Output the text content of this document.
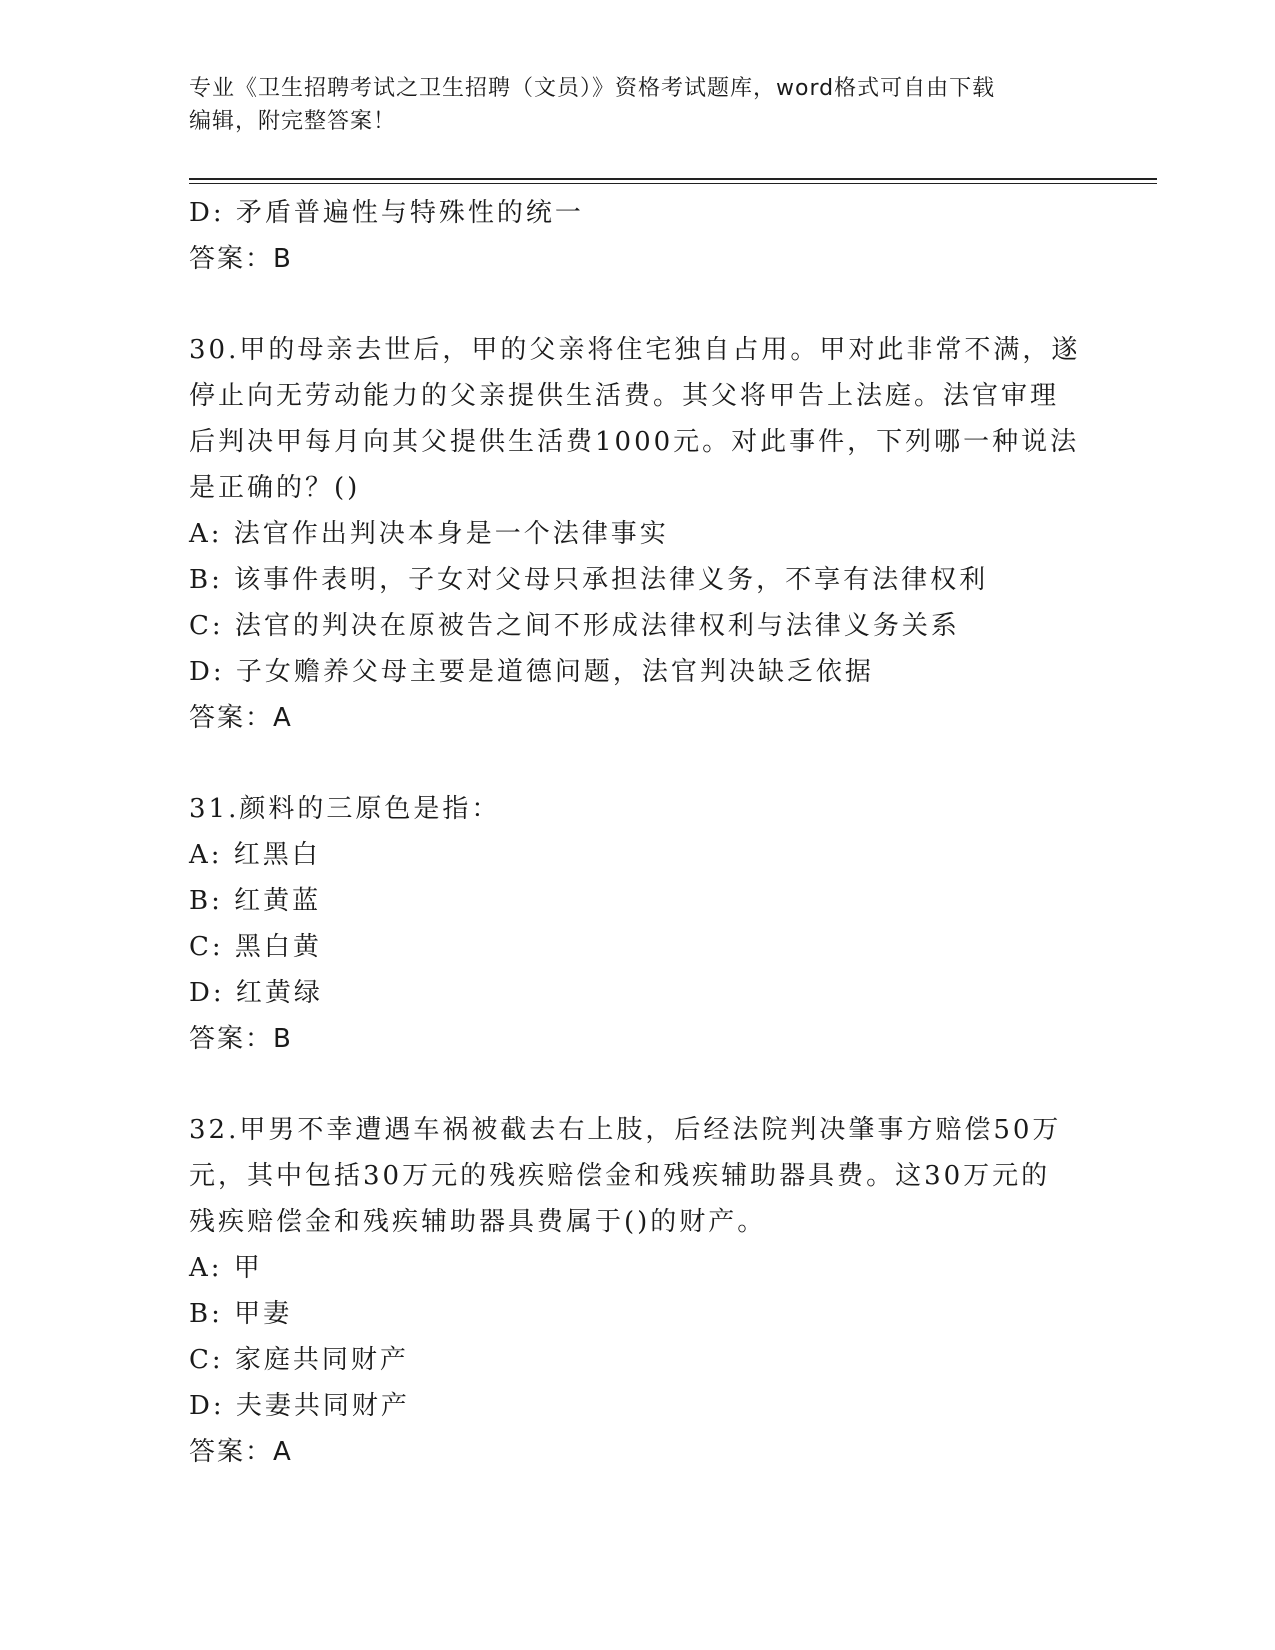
专业《卫生招聘考试之卫生招聘（文员）》资格考试题库，word格式可自由下载
编辑，附完整答案！
D: 矛盾普遍性与特殊性的统一
答案：B
30.甲的母亲去世后，甲的父亲将住宅独自占用。甲对此非常不满，遂
停止向无劳动能力的父亲提供生活费。其父将甲告上法庭。法官审理
后判决甲每月向其父提供生活费1000元。对此事件，下列哪一种说法
是正确的？()
A: 法官作出判决本身是一个法律事实
B: 该事件表明，子女对父母只承担法律义务，不享有法律权利
C: 法官的判决在原被告之间不形成法律权利与法律义务关系
D: 子女赡养父母主要是道德问题，法官判决缺乏依据
答案：A
31.颜料的三原色是指：
A: 红黑白
B: 红黄蓝
C: 黑白黄
D: 红黄绿
答案：B
32.甲男不幸遭遇车祸被截去右上肢，后经法院判决肇事方赔偿50万
元，其中包括30万元的残疾赔偿金和残疾辅助器具费。这30万元的
残疾赔偿金和残疾辅助器具费属于()的财产。
A: 甲
B: 甲妻
C: 家庭共同财产
D: 夫妻共同财产
答案：A
